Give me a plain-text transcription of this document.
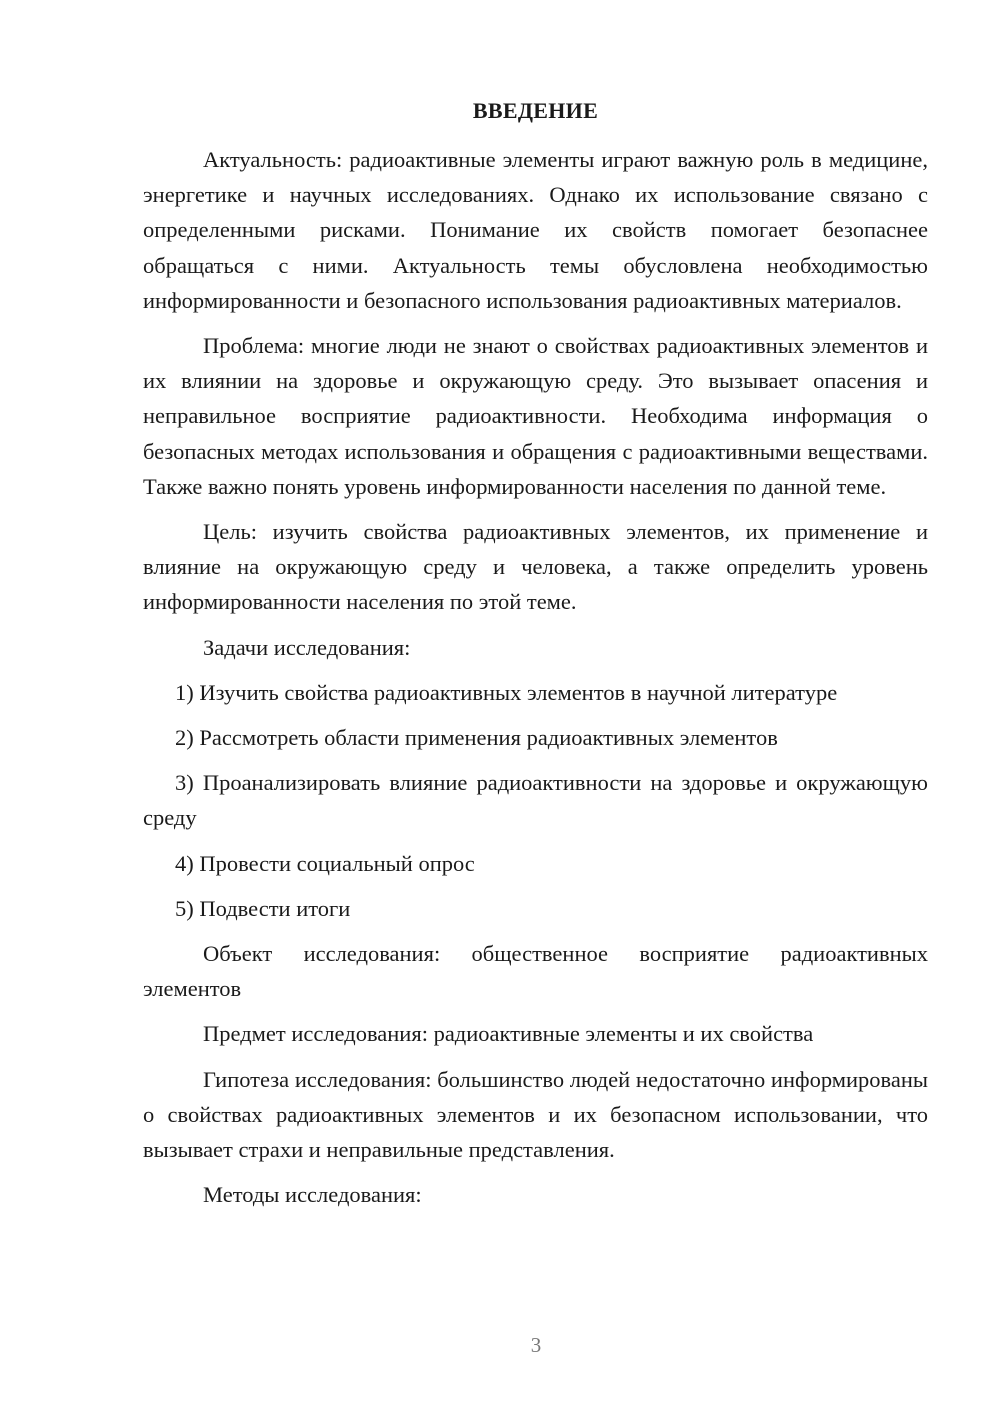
ВВЕДЕНИЕ

Актуальность: радиоактивные элементы играют важную роль в медицине, энергетике и научных исследованиях. Однако их использование связано с определенными рисками. Понимание их свойств помогает безопаснее обращаться с ними. Актуальность темы обусловлена необходимостью информированности и безопасного использования радиоактивных материалов.

Проблема: многие люди не знают о свойствах радиоактивных элементов и их влиянии на здоровье и окружающую среду. Это вызывает опасения и неправильное восприятие радиоактивности. Необходима информация о безопасных методах использования и обращения с радиоактивными веществами. Также важно понять уровень информированности населения по данной теме.

Цель: изучить свойства радиоактивных элементов, их применение и влияние на окружающую среду и человека, а также определить уровень информированности населения по этой теме.

Задачи исследования:

1) Изучить свойства радиоактивных элементов в научной литературе

2) Рассмотреть области применения радиоактивных элементов

3) Проанализировать влияние радиоактивности на здоровье и окружающую среду

4) Провести социальный опрос

5) Подвести итоги

Объект исследования: общественное восприятие радиоактивных элементов

Предмет исследования: радиоактивные элементы и их свойства

Гипотеза исследования: большинство людей недостаточно информированы о свойствах радиоактивных элементов и их безопасном использовании, что вызывает страхи и неправильные представления.

Методы исследования:

3
